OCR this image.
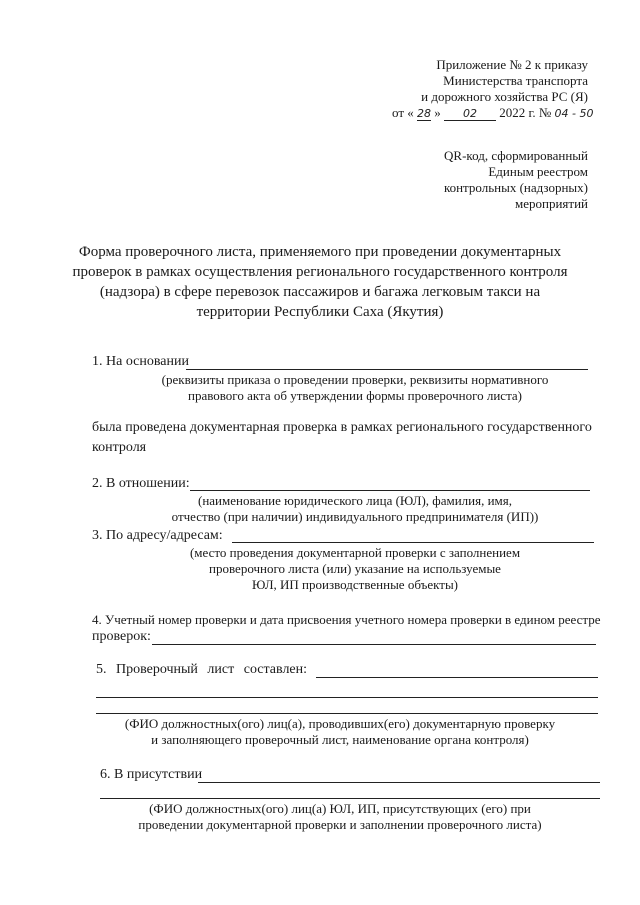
Приложение № 2 к приказу
Министерства транспорта
и дорожного хозяйства РС (Я)
от « 28 » 02 2022 г. № 04 - 50
QR-код, сформированный
Единым реестром
контрольных (надзорных)
мероприятий
Форма проверочного листа, применяемого при проведении документарных
проверок в рамках осуществления регионального государственного контроля
(надзора) в сфере перевозок пассажиров и багажа легковым такси на
территории Республики Саха (Якутия)
1. На основании
(реквизиты приказа о проведении проверки, реквизиты нормативного
правового акта об утверждении формы проверочного листа)
была проведена документарная проверка в рамках регионального государственного
контроля
2. В отношении:
(наименование юридического лица (ЮЛ), фамилия, имя,
отчество (при наличии) индивидуального предпринимателя (ИП))
3. По адресу/адресам:
(место проведения документарной проверки с заполнением
проверочного листа (или) указание на используемые
ЮЛ, ИП производственные объекты)
4. Учетный номер проверки и дата присвоения учетного номера проверки в едином реестре
проверок:
5. Проверочный лист составлен:
(ФИО должностных(ого) лиц(а), проводивших(его) документарную проверку
и заполняющего проверочный лист, наименование органа контроля)
6. В присутствии
(ФИО должностных(ого) лиц(а) ЮЛ, ИП, присутствующих (его) при
проведении документарной проверки и заполнении проверочного листа)
